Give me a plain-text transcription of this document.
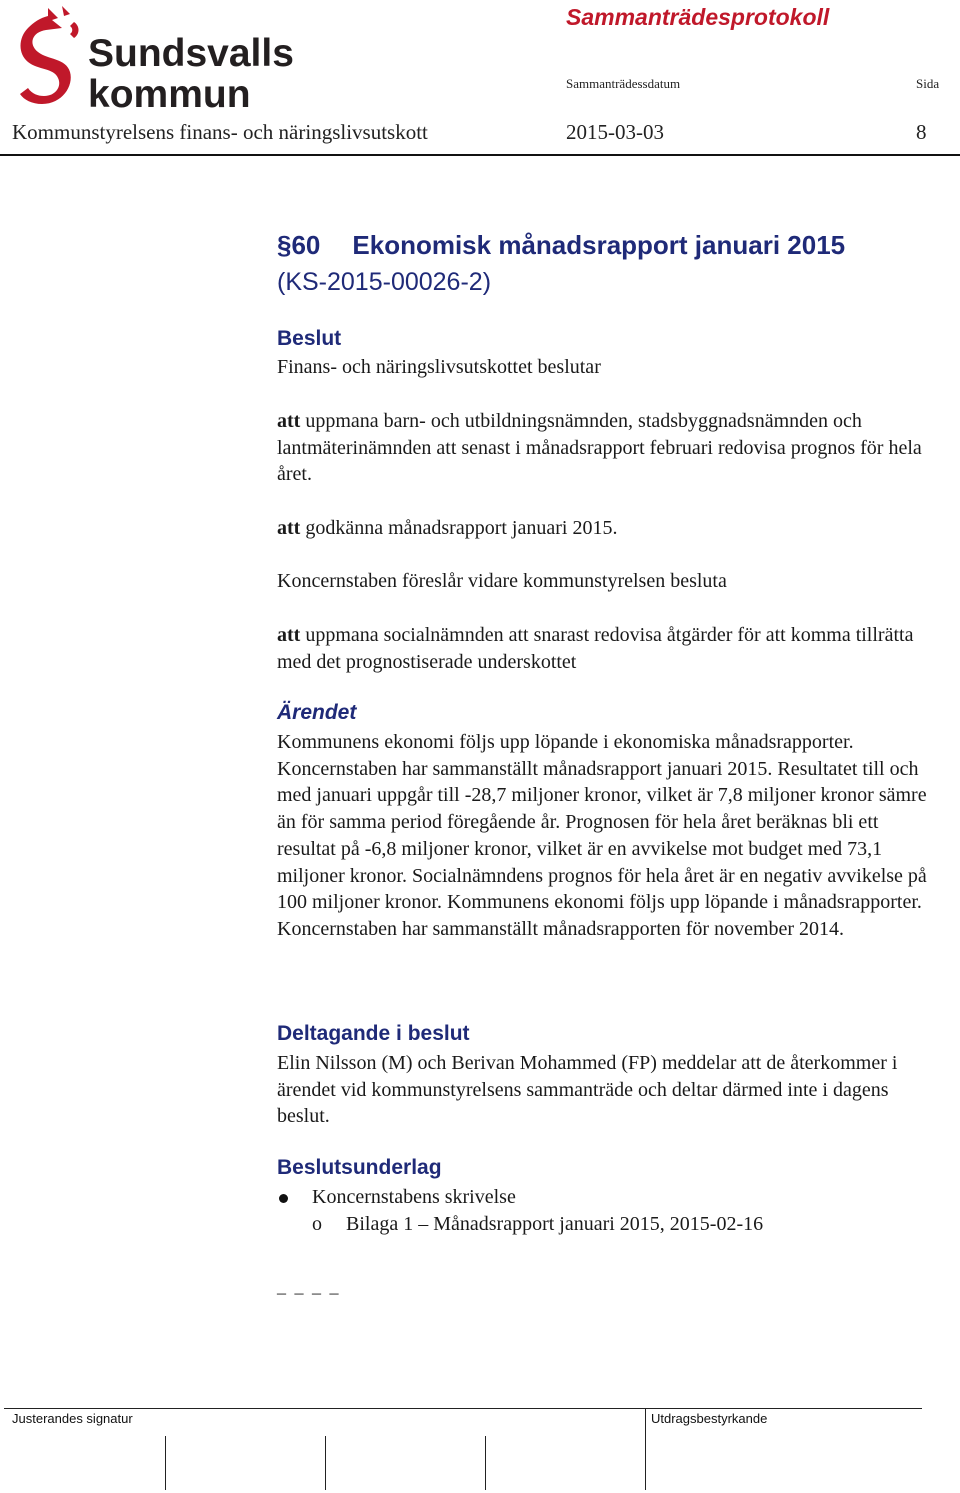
Sundsvalls
kommun
Sammanträdesprotokoll
Sammanträdessdatum	Sida
Kommunstyrelsens finans- och näringslivsutskott	2015-03-03	8
§60 Ekonomisk månadsrapport januari 2015
(KS-2015-00026-2)
Beslut

Finans- och näringslivsutskottet beslutar

att uppmana barn- och utbildningsnämnden, stadsbyggnadsnämnden och lantmäterinämnden att senast i månadsrapport februari redovisa prognos för hela året.

att godkänna månadsrapport januari 2015.

Koncernstaben föreslår vidare kommunstyrelsen besluta

att uppmana socialnämnden att snarast redovisa åtgärder för att komma tillrätta med det prognostiserade underskottet

Ärendet

Kommunens ekonomi följs upp löpande i ekonomiska månadsrapporter. Koncernstaben har sammanställt månadsrapport januari 2015. Resultatet till och med januari uppgår till -28,7 miljoner kronor, vilket är 7,8 miljoner kronor sämre än för samma period föregående år. Prognosen för hela året beräknas bli ett resultat på -6,8 miljoner kronor, vilket är en avvikelse mot budget med 73,1 miljoner kronor. Socialnämndens prognos för hela året är en negativ avvikelse på 100 miljoner kronor. Kommunens ekonomi följs upp löpande i månadsrapporter. Koncernstaben har sammanställt månadsrapporten för november 2014.

Deltagande i beslut

Elin Nilsson (M) och Berivan Mohammed (FP) meddelar att de återkommer i ärendet vid kommunstyrelsens sammanträde och deltar därmed inte i dagens beslut.

Beslutsunderlag
Koncernstabens skrivelse
o Bilaga 1 – Månadsrapport januari 2015, 2015-02-16
_ _ _ _
Justerandes signatur	Utdragsbestyrkande
